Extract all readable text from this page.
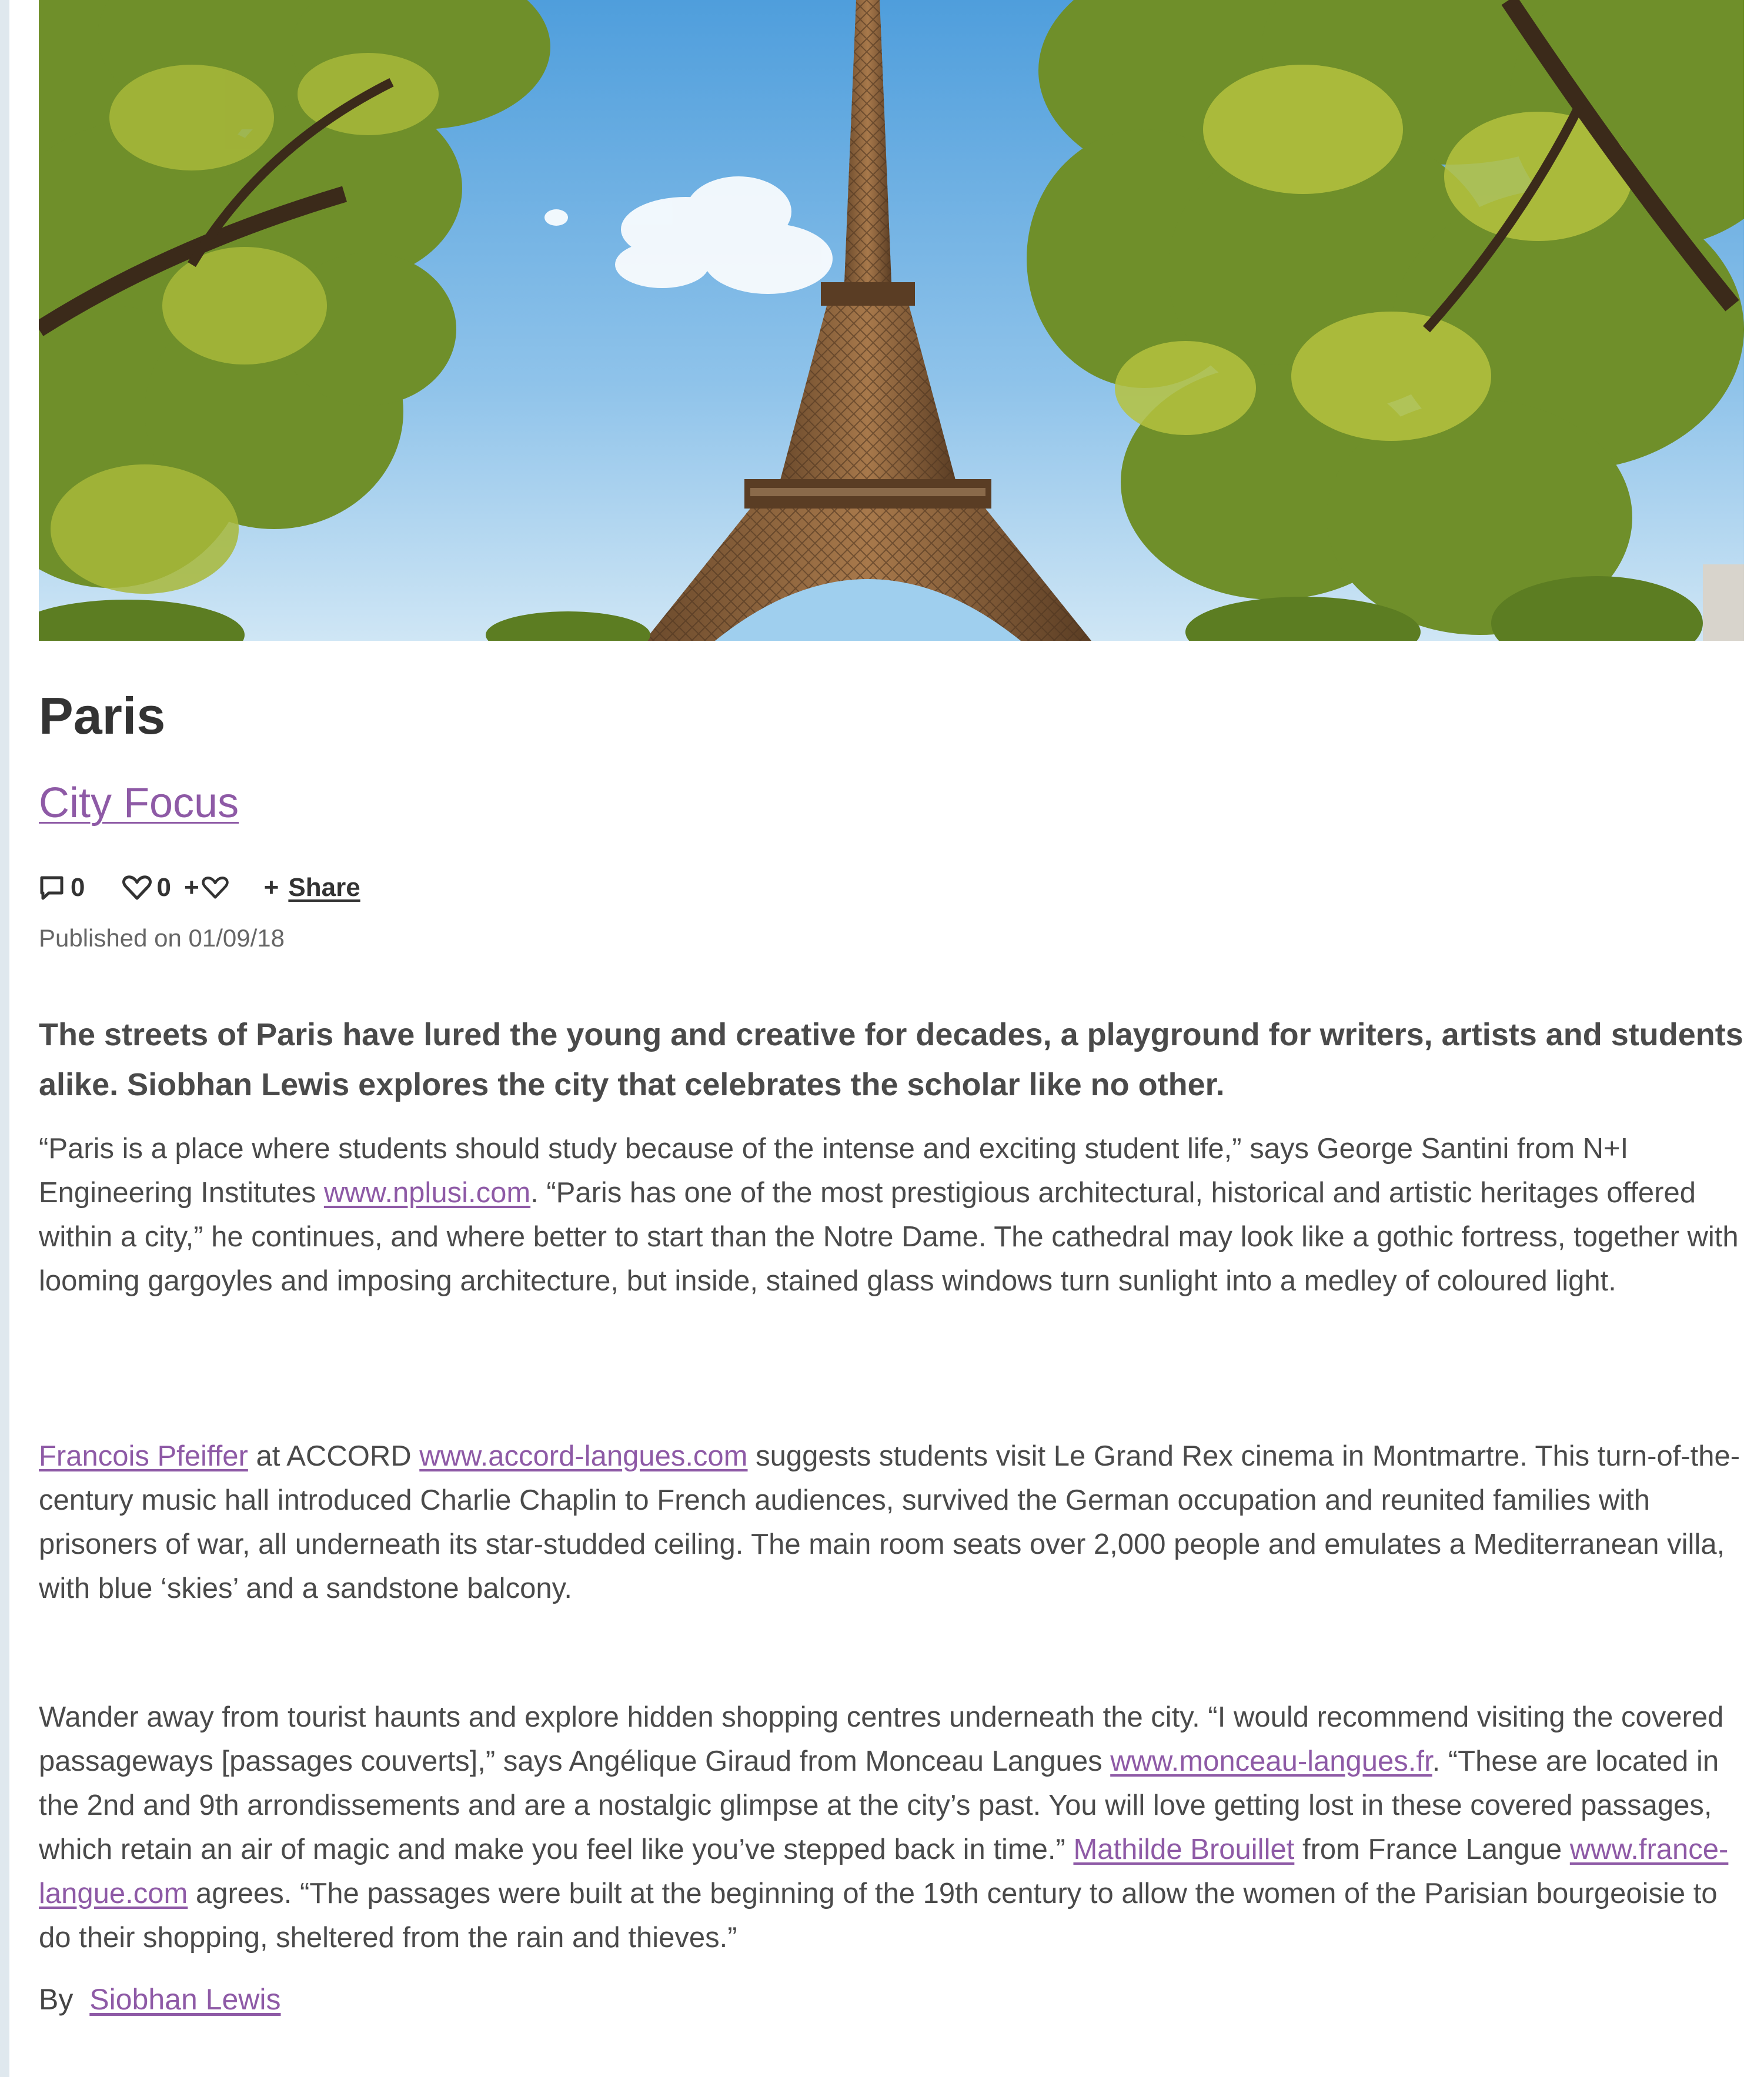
Paris
City Focus
0	0 +	+ Share
Published on 01/09/18

The streets of Paris have lured the young and creative for decades, a playground for writers, artists and students alike. Siobhan Lewis explores the city that celebrates the scholar like no other.

“Paris is a place where students should study because of the intense and exciting student life,” says George Santini from N+I Engineering Institutes www.nplusi.com. “Paris has one of the most prestigious architectural, historical and artistic heritages offered within a city,” he continues, and where better to start than the Notre Dame. The cathedral may look like a gothic fortress, together with looming gargoyles and imposing architecture, but inside, stained glass windows turn sunlight into a medley of coloured light.

Francois Pfeiffer at ACCORD www.accord-langues.com suggests students visit Le Grand Rex cinema in Montmartre. This turn-of-the-century music hall introduced Charlie Chaplin to French audiences, survived the German occupation and reunited families with prisoners of war, all underneath its star-studded ceiling. The main room seats over 2,000 people and emulates a Mediterranean villa, with blue ‘skies’ and a sandstone balcony.

Wander away from tourist haunts and explore hidden shopping centres underneath the city. “I would recommend visiting the covered passageways [passages couverts],” says Angélique Giraud from Monceau Langues www.monceau-langues.fr. “These are located in the 2nd and 9th arrondissements and are a nostalgic glimpse at the city’s past. You will love getting lost in these covered passages, which retain an air of magic and make you feel like you’ve stepped back in time.” Mathilde Brouillet from France Langue www.france-langue.com agrees. “The passages were built at the beginning of the 19th century to allow the women of the Parisian bourgeoisie to do their shopping, sheltered from the rain and thieves.”

By Siobhan Lewis
